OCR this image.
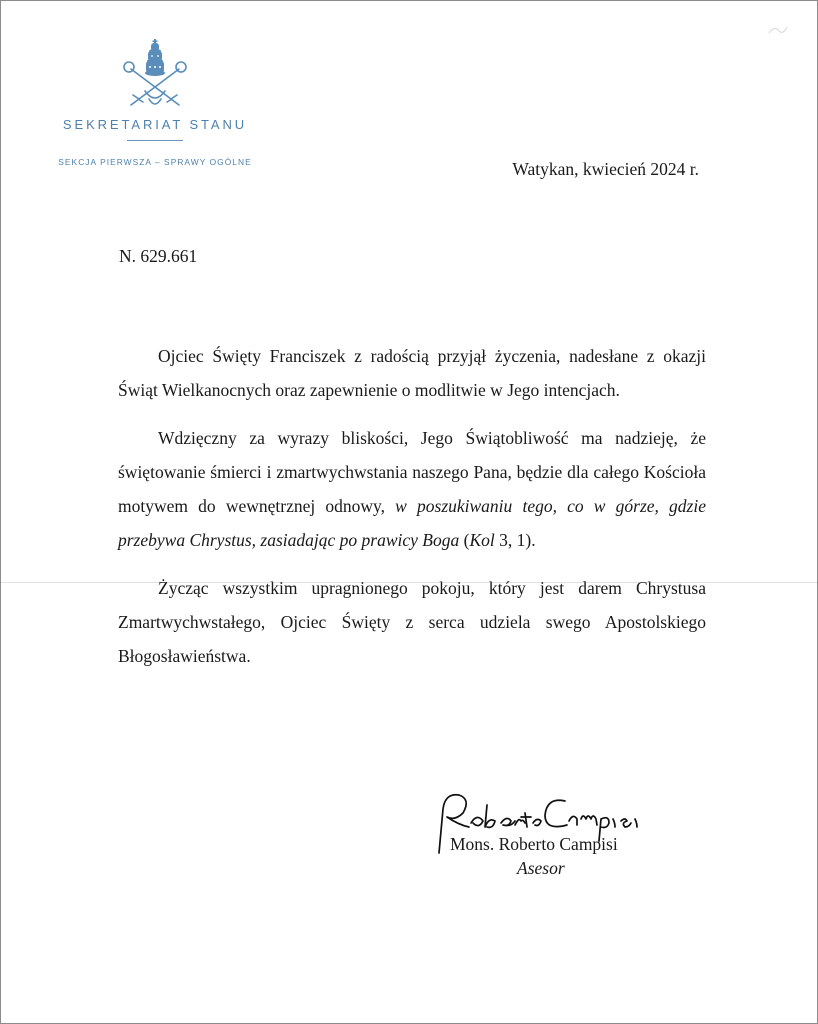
SEKRETARIAT STANU
SEKCJA PIERWSZA – SPRAWY OGÓLNE	Watykan, kwiecień 2024 r.
N. 629.661

Ojciec Święty Franciszek z radością przyjął życzenia, nadesłane z okazji Świąt Wielkanocnych oraz zapewnienie o modlitwie w Jego intencjach.

Wdzięczny za wyrazy bliskości, Jego Świątobliwość ma nadzieję, że świętowanie śmierci i zmartwychwstania naszego Pana, będzie dla całego Kościoła motywem do wewnętrznej odnowy, w poszukiwaniu tego, co w górze, gdzie przebywa Chrystus, zasiadając po prawicy Boga (Kol 3, 1).

Życząc wszystkim upragnionego pokoju, który jest darem Chrystusa Zmartwychwstałego, Ojciec Święty z serca udziela swego Apostolskiego Błogosławieństwa.

Mons. Roberto Campisi
Asesor
